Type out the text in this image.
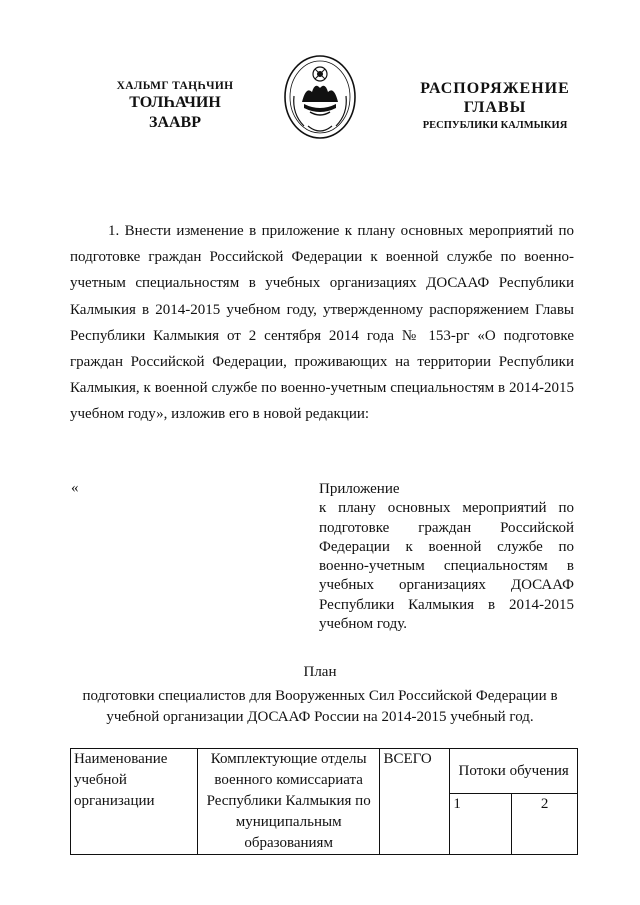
ХАЛЬМГ ТАҢҺЧИН
ТОЛҺАЧИН
ЗААВР
РАСПОРЯЖЕНИЕ
ГЛАВЫ
РЕСПУБЛИКИ КАЛМЫКИЯ

1. Внести изменение в приложение к плану основных мероприятий по подготовке граждан Российской Федерации к военной службе по военно-учетным специальностям в учебных организациях ДОСААФ Республики Калмыкия в 2014-2015 учебном году, утвержденному распоряжением Главы Республики Калмыкия от 2 сентября 2014 года № 153-рг «О подготовке граждан Российской Федерации, проживающих на территории Республики Калмыкия, к военной службе по военно-учетным специальностям в 2014-2015 учебном году», изложив его в новой редакции:

«	Приложение
к плану основных мероприятий по подготовке граждан Российской Федерации к военной службе по военно-учетным специальностям в учебных организациях ДОСААФ Республики Калмыкия в 2014-2015 учебном году.
План
подготовки специалистов для Вооруженных Сил Российской Федерации в
учебной организации ДОСААФ России на 2014-2015 учебный год.
Наименование учебной организации	Комплектующие отделы военного комиссариата Республики Калмыкия по муниципальным образованиям	ВСЕГО	Потоки обучения	
			1	2
